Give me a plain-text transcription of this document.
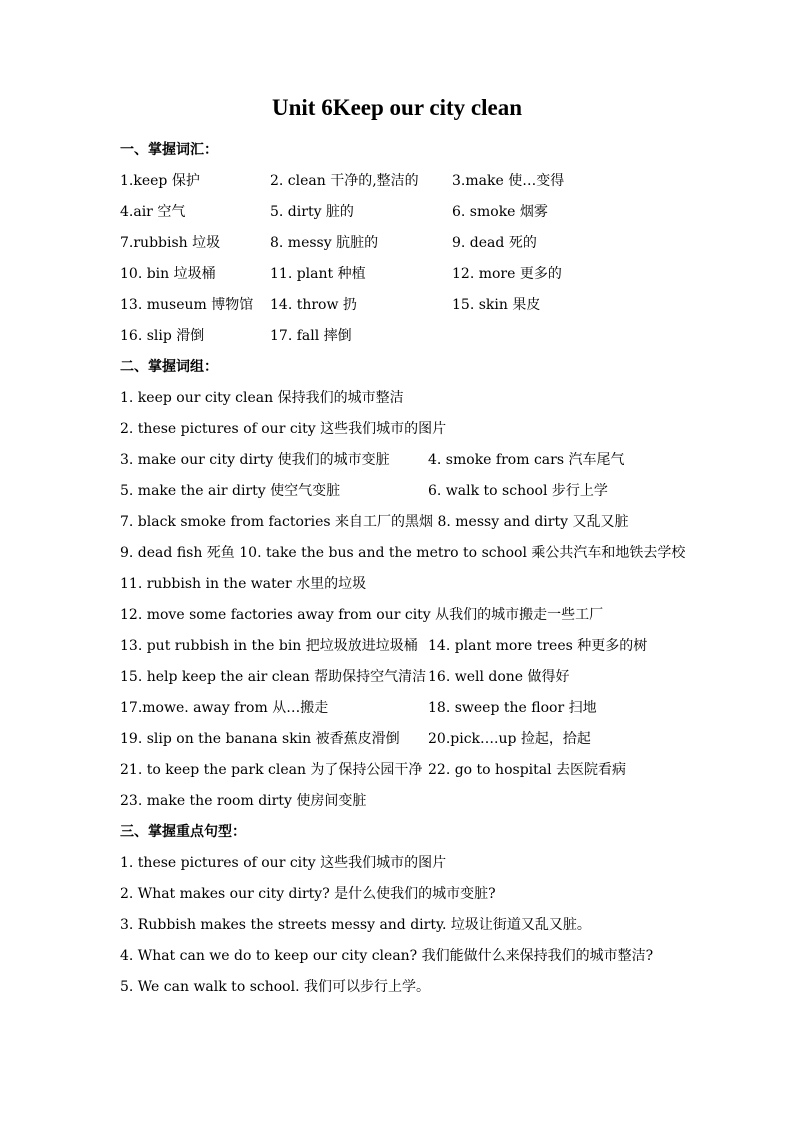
Unit 6Keep our city clean
一、掌握词汇：
1.keep 保护	2. clean 干净的,整洁的 3.make 使…变得
4.air 空气	5. dirty 脏的	6. smoke 烟雾
7.rubbish 垃圾	8. messy 肮脏的	9. dead 死的
10. bin 垃圾桶	11. plant 种植	12. more 更多的
13. museum 博物馆 14. throw 扔	15. skin 果皮
16. slip 滑倒	17. fall 摔倒
二、掌握词组：
1. keep our city clean 保持我们的城市整洁
2. these pictures of our city 这些我们城市的图片
3. make our city dirty 使我们的城市变脏	4. smoke from cars 汽车尾气
5. make the air dirty 使空气变脏	6. walk to school 步行上学
7. black smoke from factories 来自工厂的黑烟 8. messy and dirty 又乱又脏
9. dead fish 死鱼 10. take the bus and the metro to school 乘公共汽车和地铁去学校
11. rubbish in the water 水里的垃圾
12. move some factories away from our city 从我们的城市搬走一些工厂
13. put rubbish in the bin 把垃圾放进垃圾桶 14. plant more trees 种更多的树
15. help keep the air clean 帮助保持空气清洁 16. well done 做得好
17.mowe. away from 从…搬走	18. sweep the floor 扫地
19. slip on the banana skin 被香蕉皮滑倒 20.pick….up 捡起，拾起
21. to keep the park clean 为了保持公园干净 22. go to hospital 去医院看病
23. make the room dirty 使房间变脏
三、掌握重点句型：
1. these pictures of our city 这些我们城市的图片
2. What makes our city dirty? 是什么使我们的城市变脏?
3. Rubbish makes the streets messy and dirty. 垃圾让街道又乱又脏。
4. What can we do to keep our city clean? 我们能做什么来保持我们的城市整洁?
5. We can walk to school. 我们可以步行上学。
